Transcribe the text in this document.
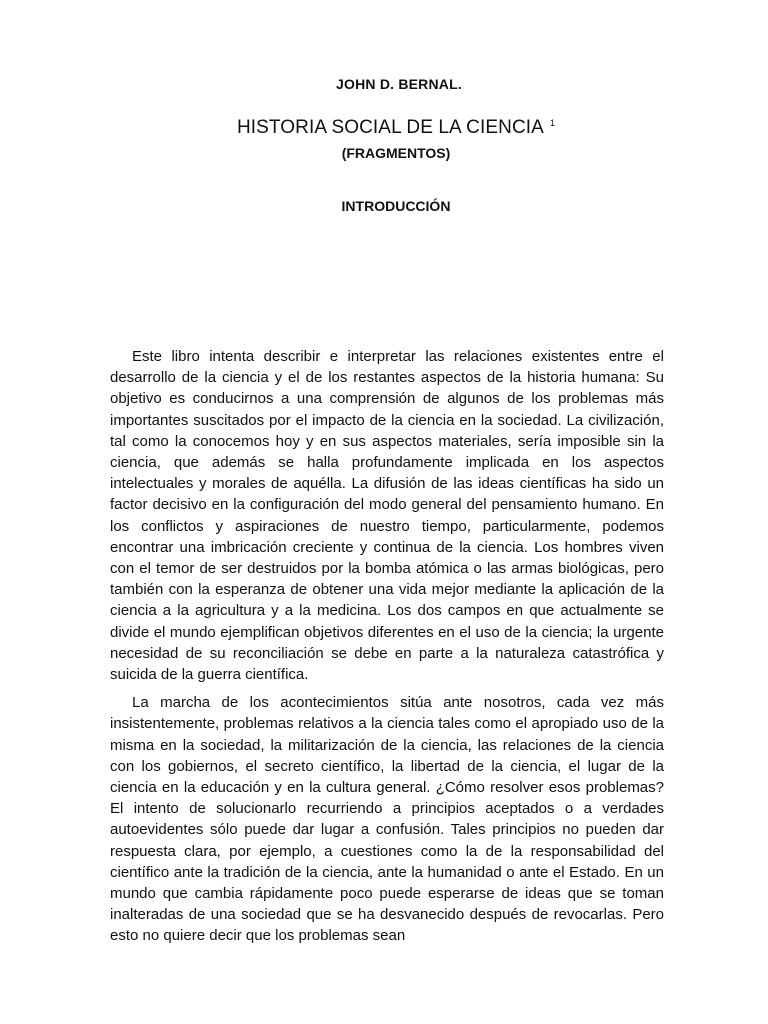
JOHN D. BERNAL.
HISTORIA SOCIAL DE LA CIENCIA $^1$
(FRAGMENTOS)
INTRODUCCIÓN

Este libro intenta describir e interpretar las relaciones existentes entre el desarrollo de la ciencia y el de los restantes aspectos de la historia humana: Su objetivo es conducirnos a una comprensión de algunos de los problemas más importantes suscitados por el impacto de la ciencia en la sociedad. La civilización, tal como la conocemos hoy y en sus aspectos materiales, sería imposible sin la ciencia, que además se halla profundamente implicada en los aspectos intelectuales y morales de aquélla. La difusión de las ideas científicas ha sido un factor decisivo en la configuración del modo general del pensamiento humano. En los conflictos y aspiraciones de nuestro tiempo, particularmente, podemos encontrar una imbricación creciente y continua de la ciencia. Los hombres viven con el temor de ser destruidos por la bomba atómica o las armas biológicas, pero también con la esperanza de obtener una vida mejor mediante la aplicación de la ciencia a la agricultura y a la medicina. Los dos campos en que actualmente se divide el mundo ejemplifican objetivos diferentes en el uso de la ciencia; la urgente necesidad de su reconciliación se debe en parte a la naturaleza catastrófica y suicida de la guerra científica.

La marcha de los acontecimientos sitúa ante nosotros, cada vez más insistentemente, problemas relativos a la ciencia tales como el apropiado uso de la misma en la sociedad, la militarización de la ciencia, las relaciones de la ciencia con los gobiernos, el secreto científico, la libertad de la ciencia, el lugar de la ciencia en la educación y en la cultura general. ¿Cómo resolver esos problemas? El intento de solucionarlo recurriendo a principios aceptados o a verdades autoevidentes sólo puede dar lugar a confusión. Tales principios no pueden dar respuesta clara, por ejemplo, a cuestiones como la de la responsabilidad del científico ante la tradición de la ciencia, ante la humanidad o ante el Estado. En un mundo que cambia rápidamente poco puede esperarse de ideas que se toman inalteradas de una sociedad que se ha desvanecido después de revocarlas. Pero esto no quiere decir que los problemas sean
